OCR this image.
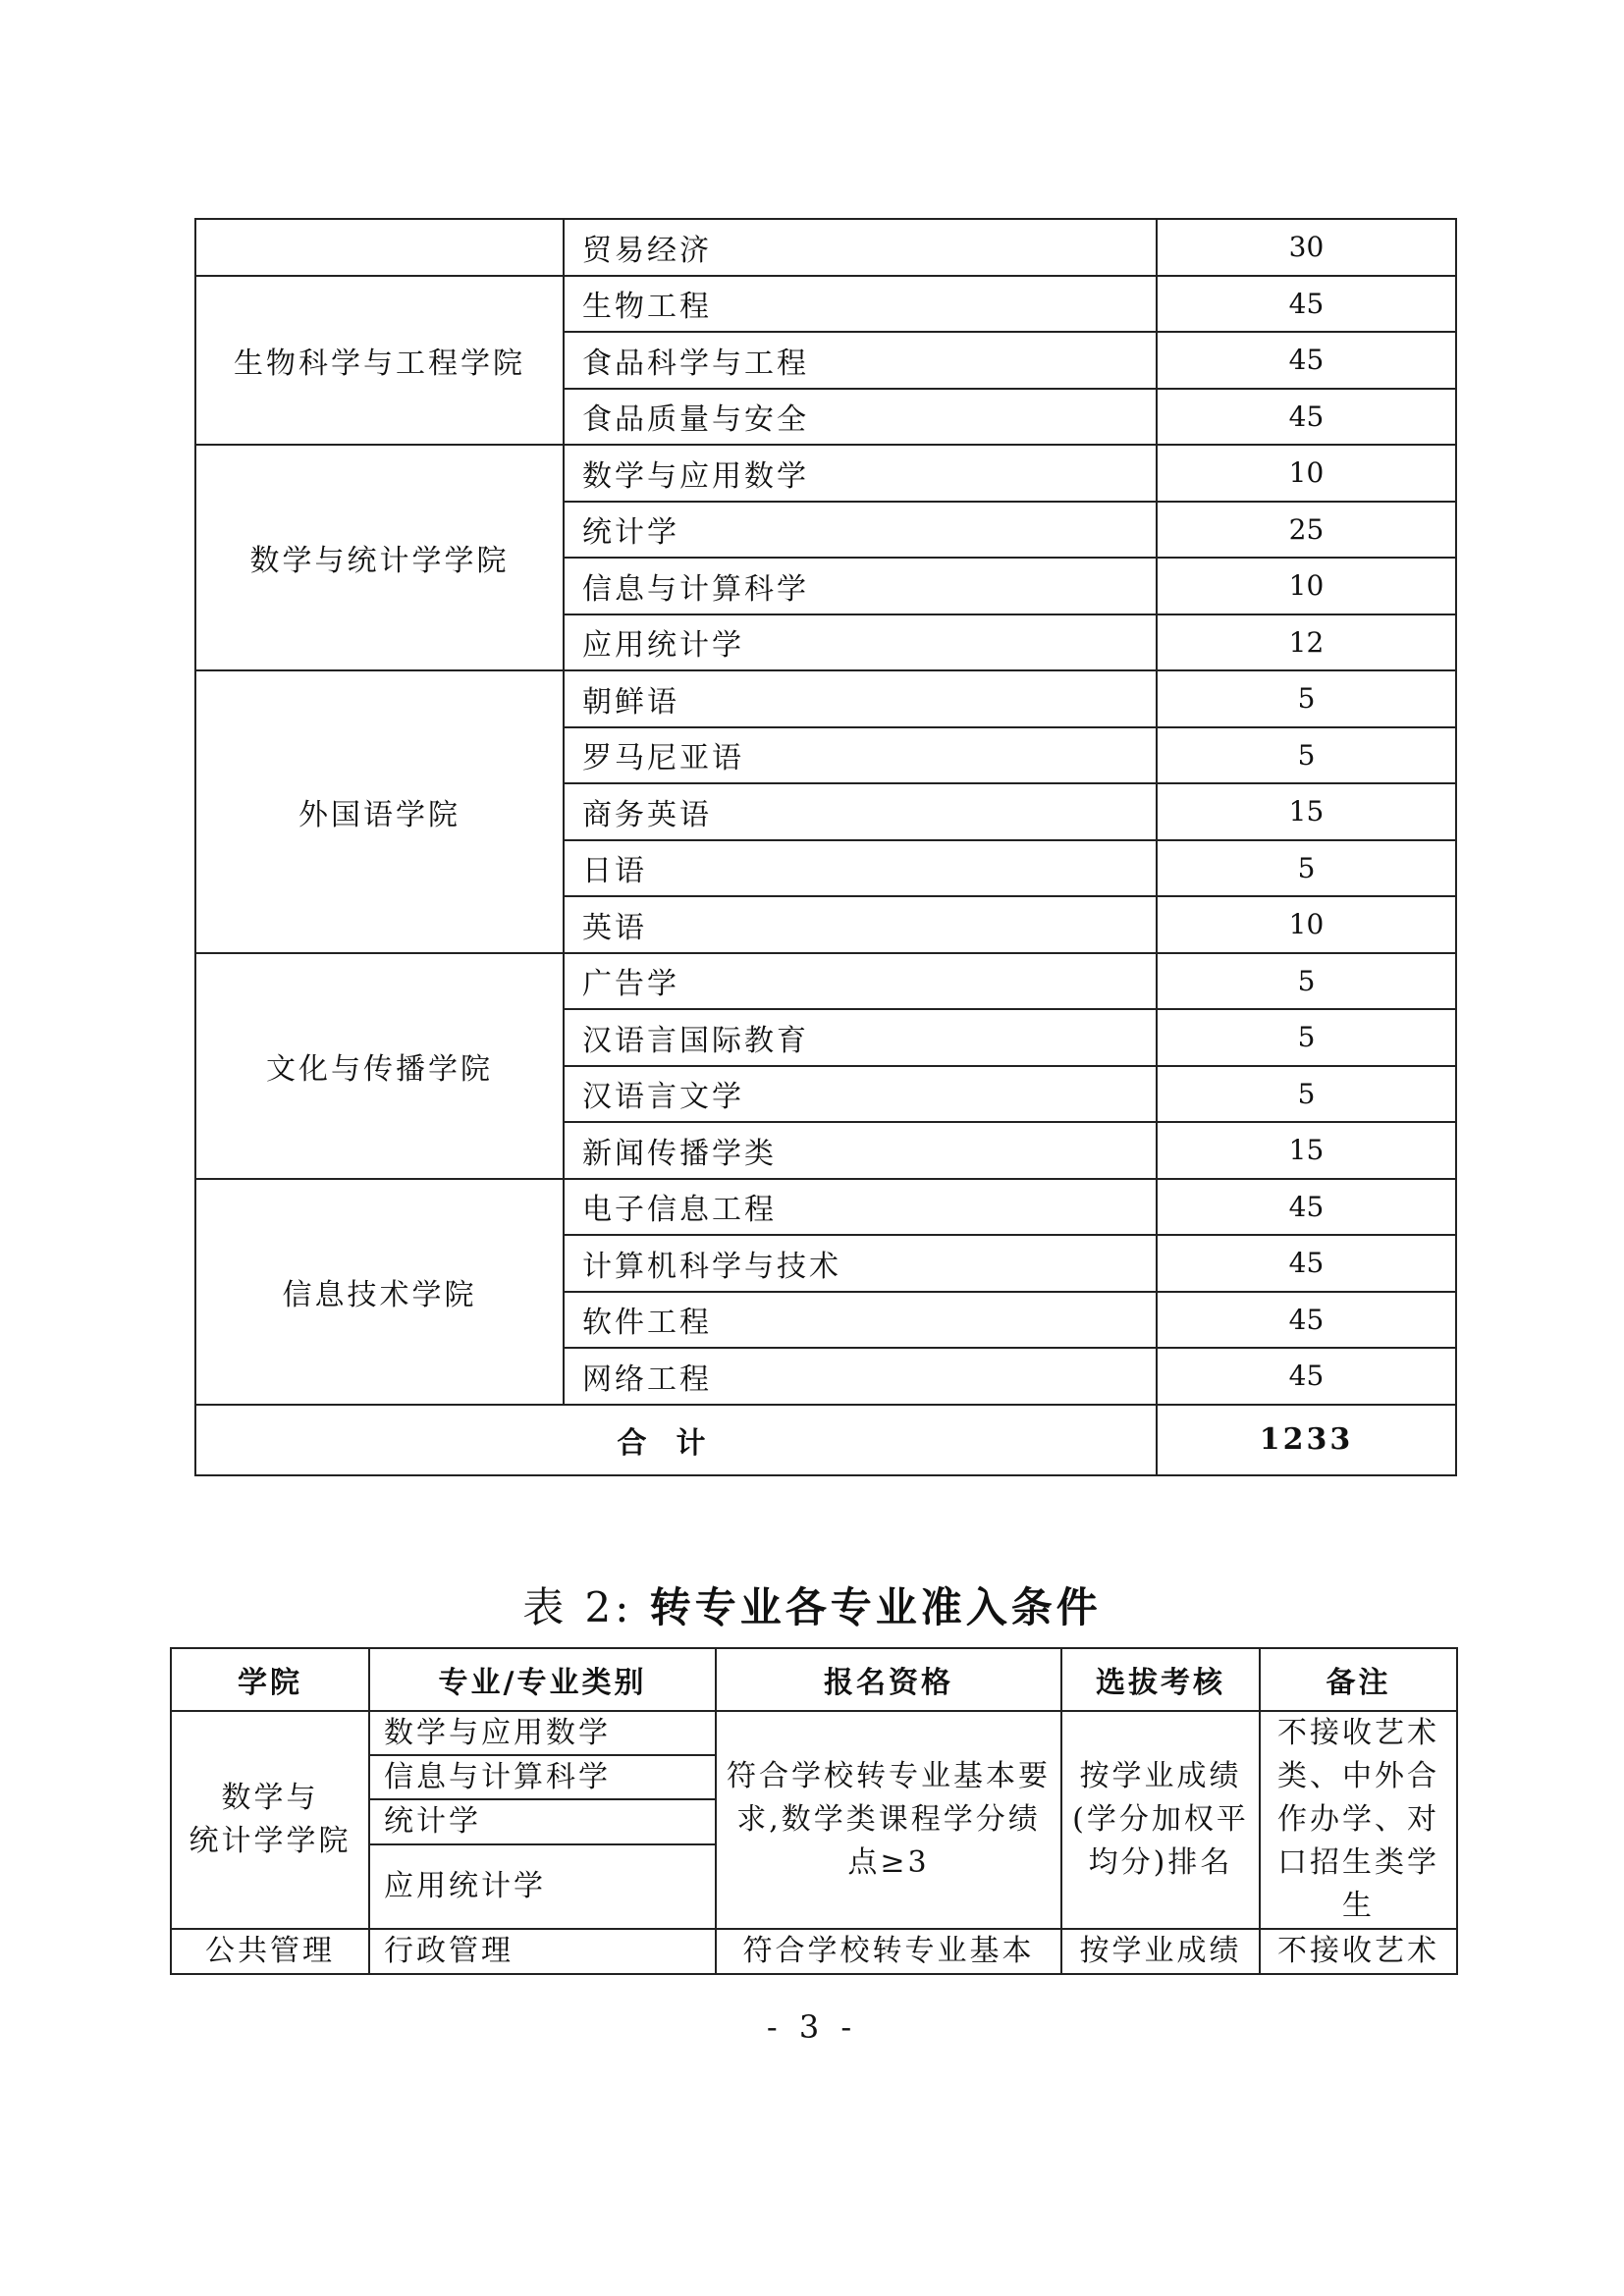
	贸易经济	30
生物科学与工程学院	生物工程	45
	食品科学与工程	45
	食品质量与安全	45
数学与统计学学院	数学与应用数学	10
	统计学	25
	信息与计算科学	10
	应用统计学	12
外国语学院	朝鲜语	5
	罗马尼亚语	5
	商务英语	15
	日语	5
	英语	10
文化与传播学院	广告学	5
	汉语言国际教育	5
	汉语言文学	5
	新闻传播学类	15
信息技术学院	电子信息工程	45
	计算机科学与技术	45
	软件工程	45
	网络工程	45
合计		1233
表 2: 转专业各专业准入条件
学院	专业/专业类别	报名资格	选拔考核	备注

数学与
统计学学院	数学与应用数学	符合学校转专业基本要求,数学类课程学分绩点≥3	按学业成绩(学分加权平均分)排名	不接收艺术类、中外合作办学、对口招生类学生
	信息与计算科学			
	统计学			
	应用统计学			
公共管理	行政管理	符合学校转专业基本	按学业成绩	不接收艺术
- 3 -
